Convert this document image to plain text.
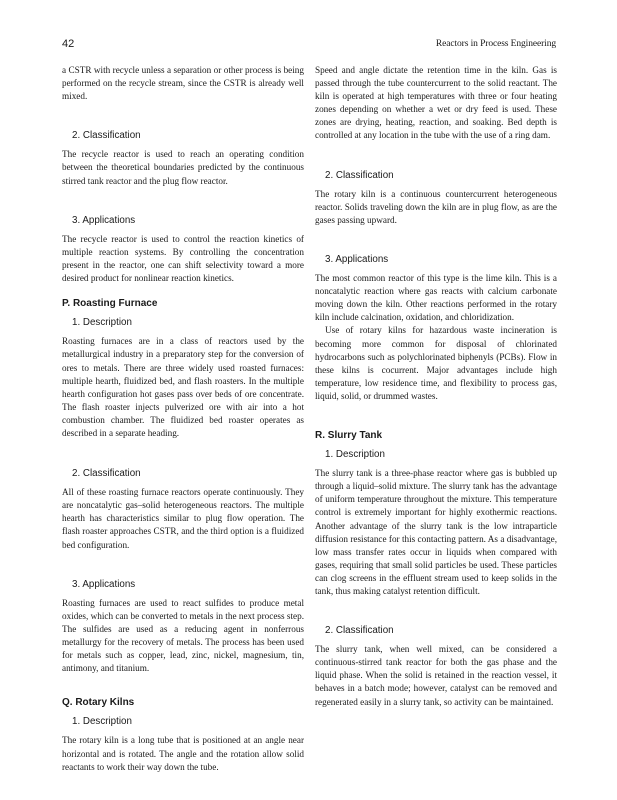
42	Reactors in Process Engineering

a CSTR with recycle unless a separation or other process is being performed on the recycle stream, since the CSTR is already well mixed.

2. Classification

The recycle reactor is used to reach an operating condition between the theoretical boundaries predicted by the continuous stirred tank reactor and the plug flow reactor.

3. Applications

The recycle reactor is used to control the reaction kinetics of multiple reaction systems. By controlling the concentration present in the reactor, one can shift selectivity toward a more desired product for nonlinear reaction kinetics.

P. Roasting Furnace
1. Description

Roasting furnaces are in a class of reactors used by the metallurgical industry in a preparatory step for the conversion of ores to metals. There are three widely used roasted furnaces: multiple hearth, fluidized bed, and flash roasters. In the multiple hearth configuration hot gases pass over beds of ore concentrate. The flash roaster injects pulverized ore with air into a hot combustion chamber. The fluidized bed roaster operates as described in a separate heading.

2. Classification

All of these roasting furnace reactors operate continuously. They are noncatalytic gas–solid heterogeneous reactors. The multiple hearth has characteristics similar to plug flow operation. The flash roaster approaches CSTR, and the third option is a fluidized bed configuration.

3. Applications

Roasting furnaces are used to react sulfides to produce metal oxides, which can be converted to metals in the next process step. The sulfides are used as a reducing agent in nonferrous metallurgy for the recovery of metals. The process has been used for metals such as copper, lead, zinc, nickel, magnesium, tin, antimony, and titanium.

Q. Rotary Kilns
1. Description

The rotary kiln is a long tube that is positioned at an angle near horizontal and is rotated. The angle and the rotation allow solid reactants to work their way down the tube.

Speed and angle dictate the retention time in the kiln. Gas is passed through the tube countercurrent to the solid reactant. The kiln is operated at high temperatures with three or four heating zones depending on whether a wet or dry feed is used. These zones are drying, heating, reaction, and soaking. Bed depth is controlled at any location in the tube with the use of a ring dam.

2. Classification

The rotary kiln is a continuous countercurrent heterogeneous reactor. Solids traveling down the kiln are in plug flow, as are the gases passing upward.

3. Applications

The most common reactor of this type is the lime kiln. This is a noncatalytic reaction where gas reacts with calcium carbonate moving down the kiln. Other reactions performed in the rotary kiln include calcination, oxidation, and chloridization.

Use of rotary kilns for hazardous waste incineration is becoming more common for disposal of chlorinated hydrocarbons such as polychlorinated biphenyls (PCBs). Flow in these kilns is cocurrent. Major advantages include high temperature, low residence time, and flexibility to process gas, liquid, solid, or drummed wastes.

R. Slurry Tank
1. Description

The slurry tank is a three-phase reactor where gas is bubbled up through a liquid–solid mixture. The slurry tank has the advantage of uniform temperature throughout the mixture. This temperature control is extremely important for highly exothermic reactions. Another advantage of the slurry tank is the low intraparticle diffusion resistance for this contacting pattern. As a disadvantage, low mass transfer rates occur in liquids when compared with gases, requiring that small solid particles be used. These particles can clog screens in the effluent stream used to keep solids in the tank, thus making catalyst retention difficult.

2. Classification

The slurry tank, when well mixed, can be considered a continuous-stirred tank reactor for both the gas phase and the liquid phase. When the solid is retained in the reaction vessel, it behaves in a batch mode; however, catalyst can be removed and regenerated easily in a slurry tank, so activity can be maintained.
